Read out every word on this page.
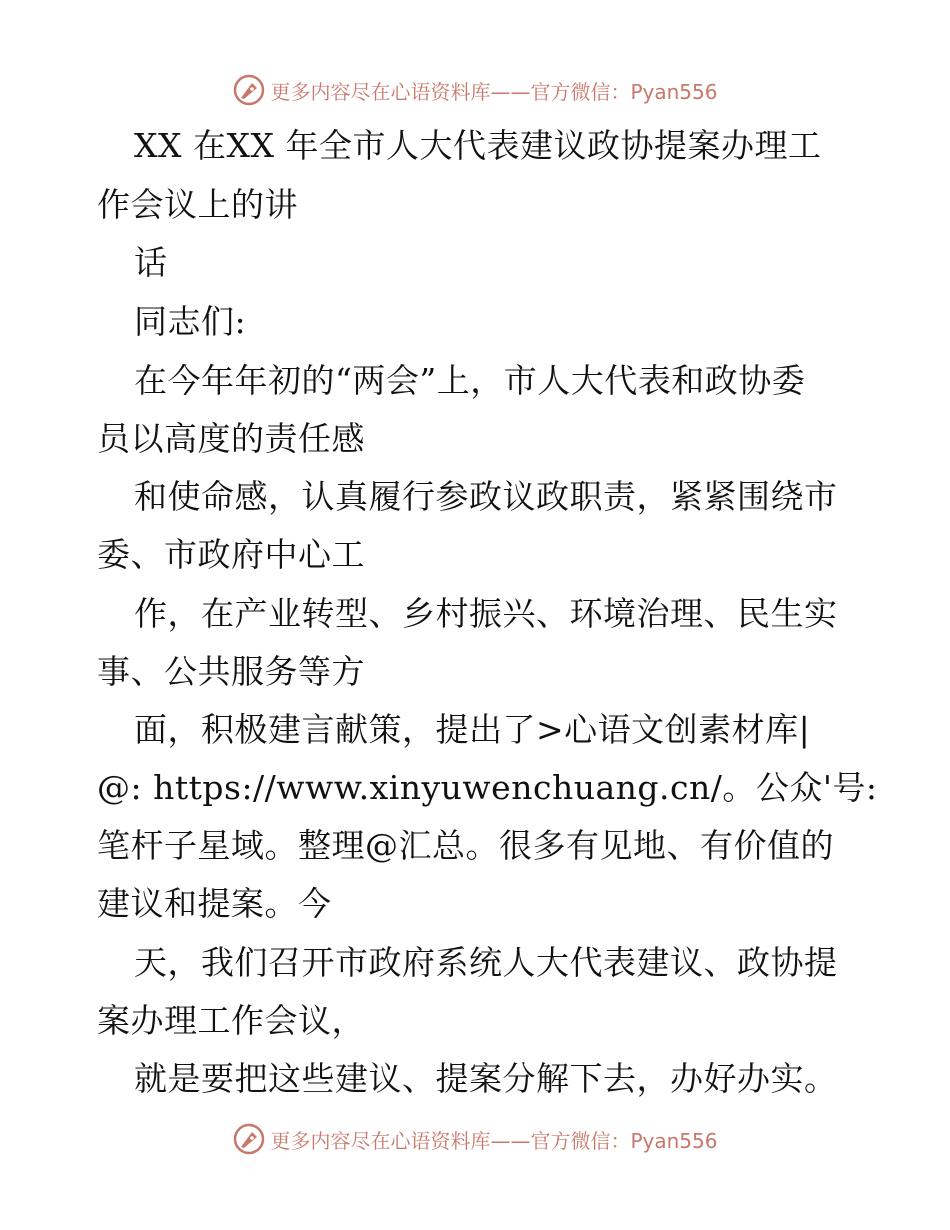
更多内容尽在心语资料库——官方微信：Pyan556
XX 在XX 年全市人大代表建议政协提案办理工
作会议上的讲
话
同志们:
在今年年初的“两会”上，市人大代表和政协委
员以高度的责任感
和使命感，认真履行参政议政职责，紧紧围绕市
委、市政府中心工
作，在产业转型、乡村振兴、环境治理、民生实
事、公共服务等方
面，积极建言献策，提出了>心语文创素材库|
@: https://www.xinyuwenchuang.cn/。公众'号:
笔杆子星域。整理@汇总。很多有见地、有价值的
建议和提案。今
天，我们召开市政府系统人大代表建议、政协提
案办理工作会议，
就是要把这些建议、提案分解下去，办好办实。
更多内容尽在心语资料库——官方微信：Pyan556
